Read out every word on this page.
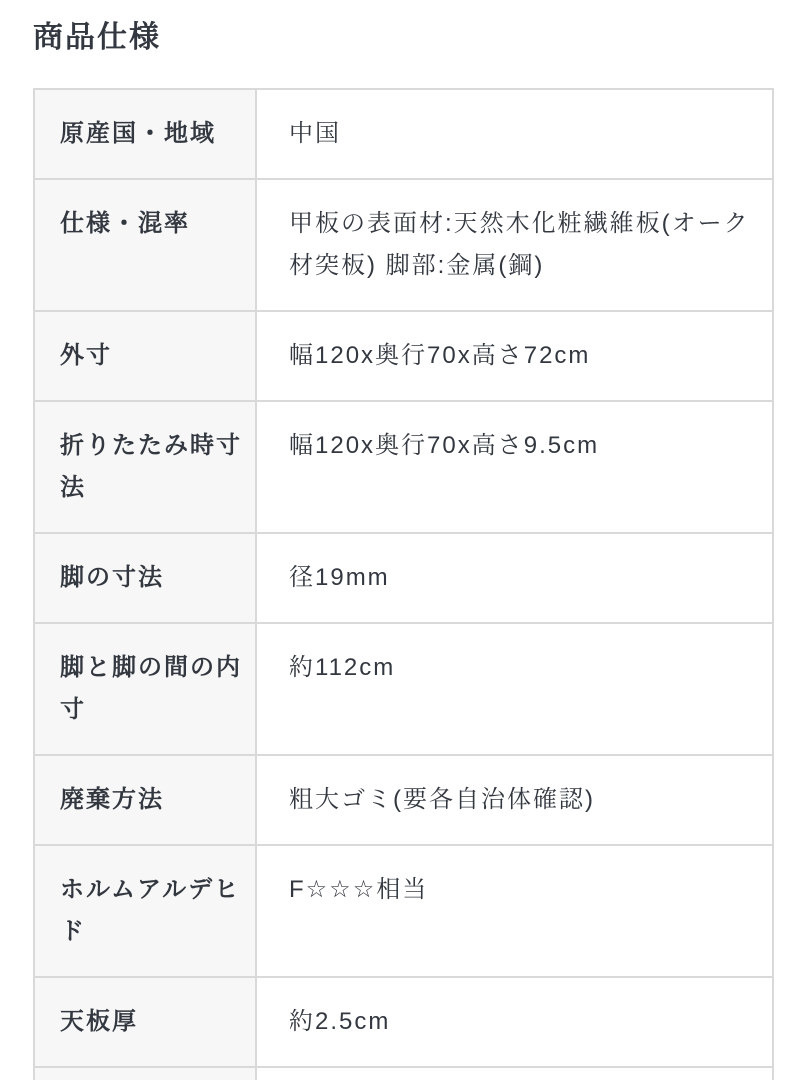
商品仕様
原産国・地域	中国
仕様・混率	甲板の表面材:天然木化粧繊維板(オーク材突板) 脚部:金属(鋼)
外寸	幅120x奥行70x高さ72cm
折りたたみ時寸法	幅120x奥行70x高さ9.5cm
脚の寸法	径19mm
脚と脚の間の内寸	約112cm
廃棄方法	粗大ゴミ(要各自治体確認)
ホルムアルデヒド	F☆☆☆相当
天板厚	約2.5cm
